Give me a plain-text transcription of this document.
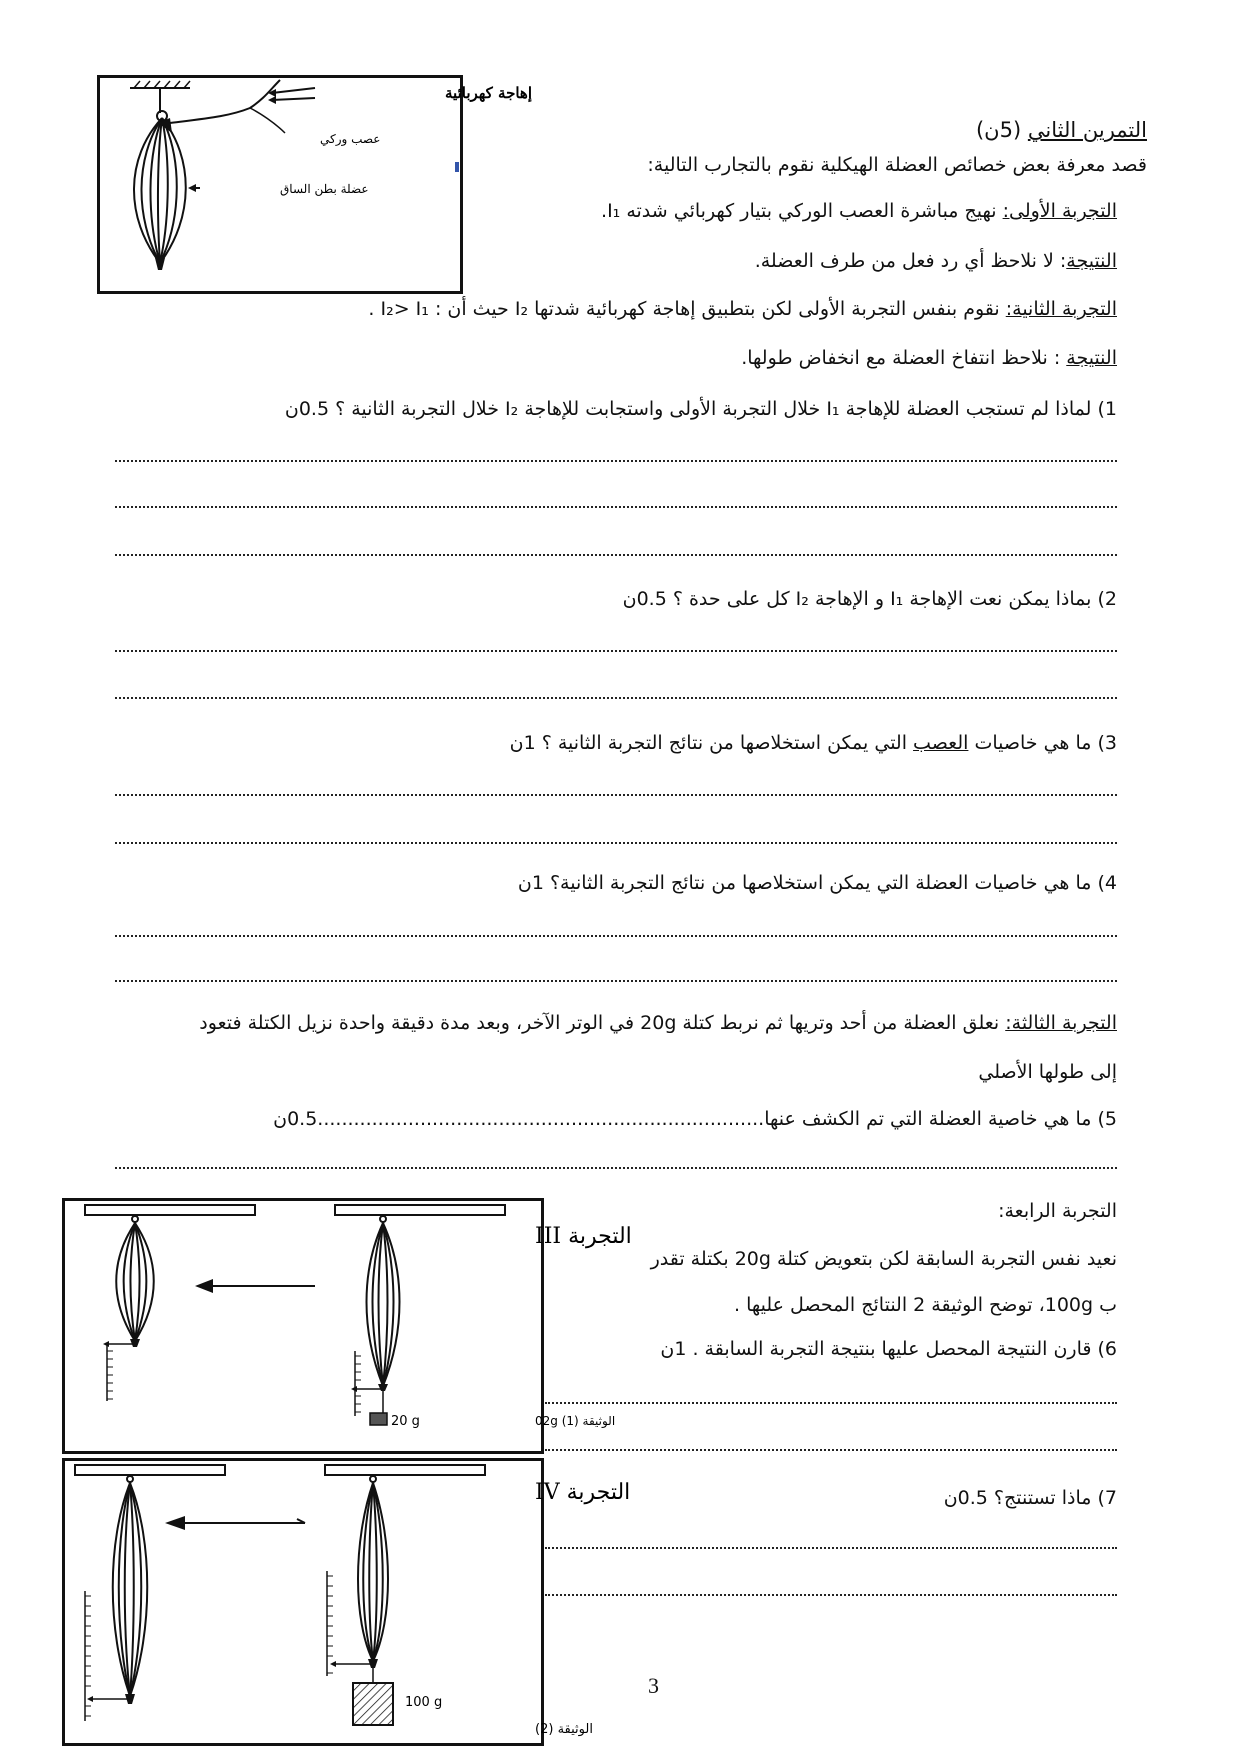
إهاجة كهربائية
عصب وركي
عضلة بطن الساق
التمرين الثاني (5ن)
قصد معرفة بعض خصائص العضلة الهيكلية نقوم بالتجارب التالية:
التجربة الأولى: نهيج مباشرة العصب الوركي بتيار كهربائي شدته I₁.
النتيجة: لا نلاحظ أي رد فعل من طرف العضلة.
التجربة الثانية: نقوم بنفس التجربة الأولى لكن بتطبيق إهاجة كهربائية شدتها I₂ حيث أن : I₂> I₁ .
النتيجة : نلاحظ انتفاخ العضلة مع انخفاض طولها.
1) لماذا لم تستجب العضلة للإهاجة I₁ خلال التجربة الأولى واستجابت للإهاجة I₂ خلال التجربة الثانية ؟ 0.5ن
2) بماذا يمكن نعت الإهاجة I₁ و الإهاجة I₂ كل على حدة ؟ 0.5ن
3) ما هي خاصيات العصب التي يمكن استخلاصها من نتائج التجربة الثانية ؟ 1ن
4) ما هي خاصيات العضلة التي يمكن استخلاصها من نتائج التجربة الثانية؟ 1ن
التجربة الثالثة: نعلق العضلة من أحد وتريها ثم نربط كتلة 20g في الوتر الآخر، وبعد مدة دقيقة واحدة نزيل الكتلة فتعود
إلى طولها الأصلي
5) ما هي خاصية العضلة التي تم الكشف عنها..........................................................................0.5ن
التجربة الرابعة:
نعيد نفس التجربة السابقة لكن بتعويض كتلة 20g بكتلة تقدر
ب 100g، توضح الوثيقة 2 النتائج المحصل عليها .
6) قارن النتيجة المحصل عليها بنتيجة التجربة السابقة . 1ن
7) ماذا تستنتج؟ 0.5ن
التجربة III
20 g	الوثيقة 02g (1)
التجربة IV
100 g
الوثيقة (2)
3
